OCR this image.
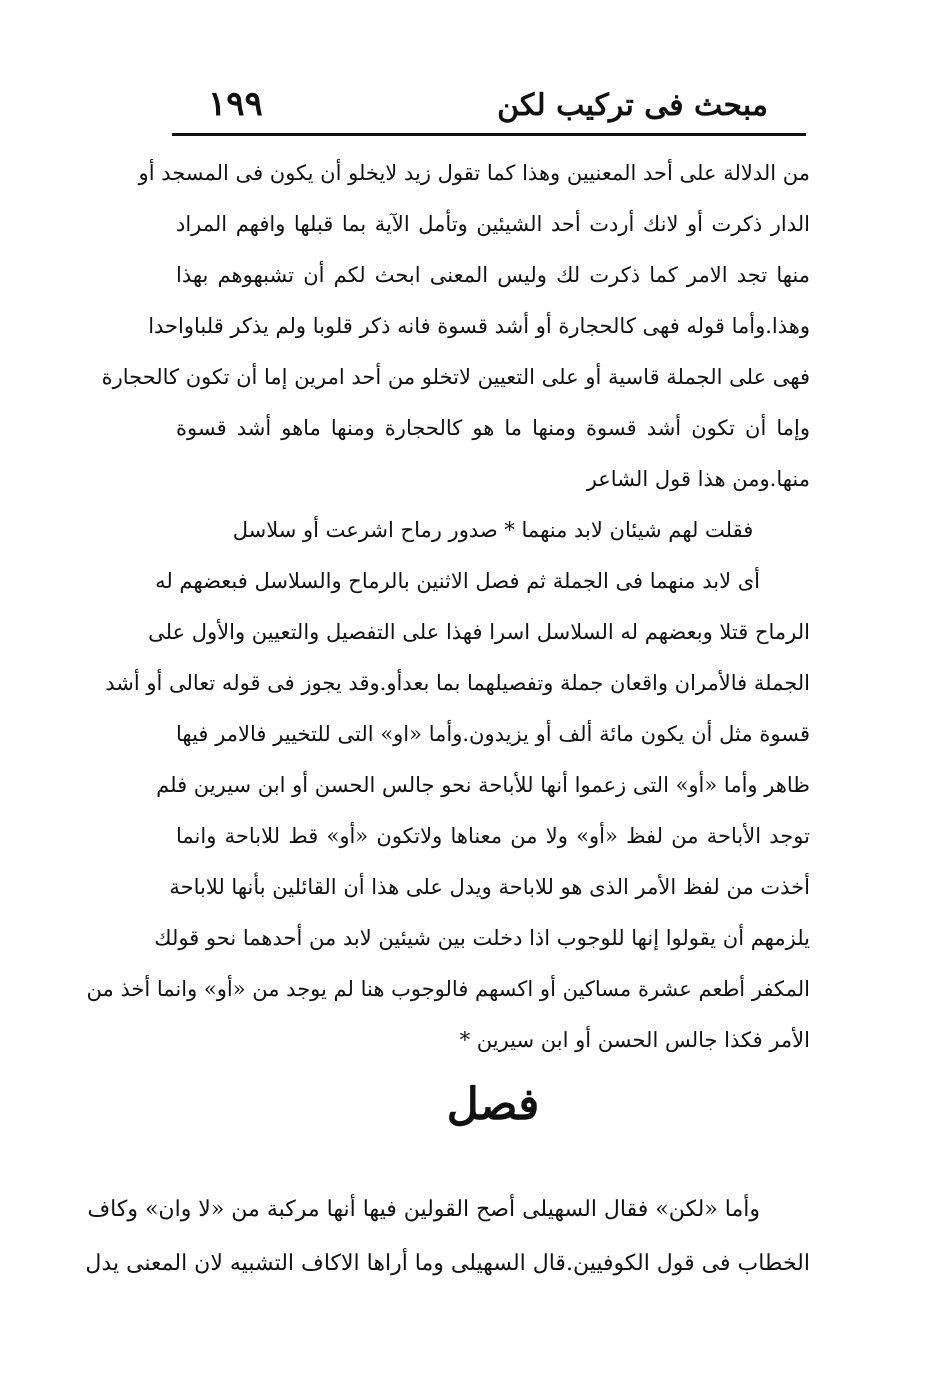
مبحث فى تركيب لكن
١٩٩
من الدلالة على أحد المعنيين وهذا كما تقول زيد لايخلو أن يكون فى المسجد أو
الدار ذكرت أو لانك أردت أحد الشيئين وتأمل الآية بما قبلها وافهم المراد
منها تجد الامر كما ذكرت لك وليس المعنى ابحث لكم أن تشبهوهم بهذا
وهذا.وأما قوله فهى كالحجارة أو أشد قسوة فانه ذكر قلوبا ولم يذكر قلباواحدا
فهى على الجملة قاسية أو على التعيين لاتخلو من أحد امرين إما أن تكون كالحجارة
وإما أن تكون أشد قسوة ومنها ما هو كالحجارة ومنها ماهو أشد قسوة
منها.ومن هذا قول الشاعر
فقلت لهم شيئان لابد منهما * صدور رماح اشرعت أو سلاسل
أى لابد منهما فى الجملة ثم فصل الاثنين بالرماح والسلاسل فبعضهم له
الرماح قتلا وبعضهم له السلاسل اسرا فهذا على التفصيل والتعيين والأول على
الجملة فالأمران واقعان جملة وتفصيلهما بما بعدأو.وقد يجوز فى قوله تعالى أو أشد
قسوة مثل أن يكون مائة ألف أو يزيدون.وأما «او» التى للتخيير فالامر فيها
ظاهر وأما «أو» التى زعموا أنها للأباحة نحو جالس الحسن أو ابن سيرين فلم
توجد الأباحة من لفظ «أو» ولا من معناها ولاتكون «أو» قط للاباحة وانما
أخذت من لفظ الأمر الذى هو للاباحة ويدل على هذا أن القائلين بأنها للاباحة
يلزمهم أن يقولوا إنها للوجوب اذا دخلت بين شيئين لابد من أحدهما نحو قولك
المكفر أطعم عشرة مساكين أو اكسهم فالوجوب هنا لم يوجد من «أو» وانما أخذ من
الأمر فكذا جالس الحسن أو ابن سيرين *
فصل
وأما «لكن» فقال السهيلى أصح القولين فيها أنها مركبة من «لا وان» وكاف
الخطاب فى قول الكوفيين.قال السهيلى وما أراها الاكاف التشبيه لان المعنى يدل
